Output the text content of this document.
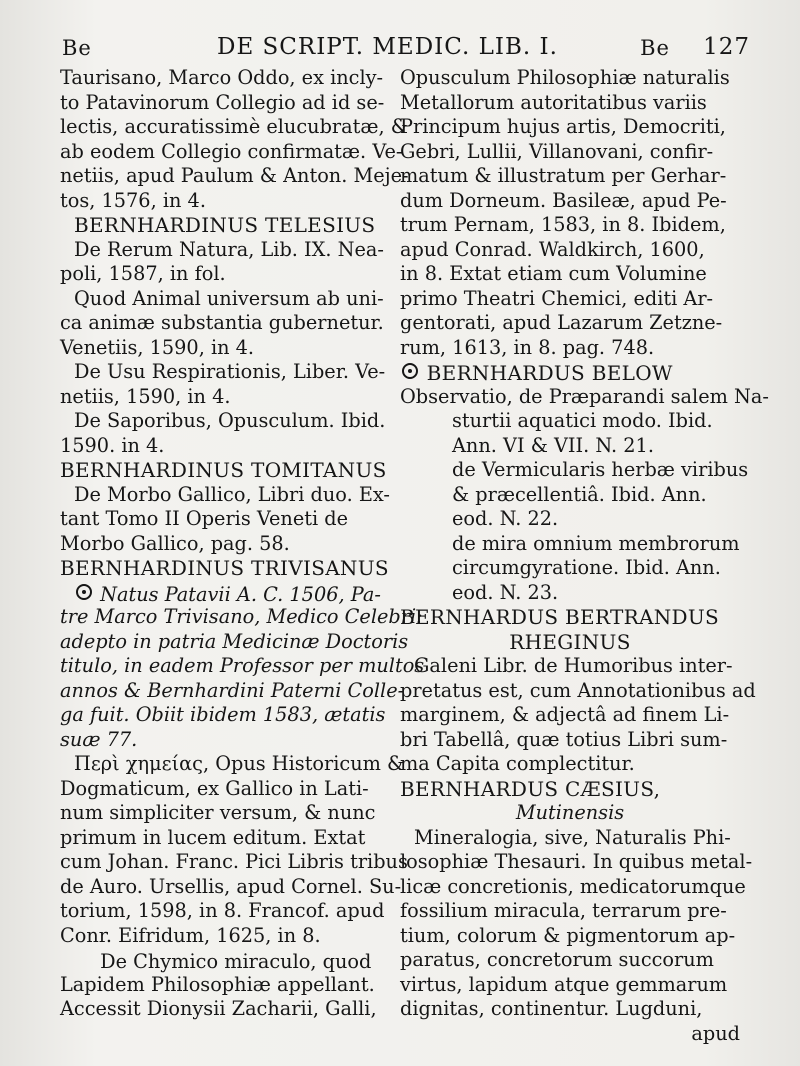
Be	DE SCRIPT. MEDIC. LIB. I.	Be 127
Taurisano, Marco Oddo, ex incly-
to Patavinorum Collegio ad id se-
lectis, accuratissimè elucubratæ, &
ab eodem Collegio confirmatæ. Ve-
netiis, apud Paulum & Anton. Meje-
tos, 1576, in 4.
BERNHARDINUS TELESIUS
De Rerum Natura, Lib. IX. Nea-
poli, 1587, in fol.
Quod Animal universum ab uni-
ca animæ substantia gubernetur.
Venetiis, 1590, in 4.
De Usu Respirationis, Liber. Ve-
netiis, 1590, in 4.
De Saporibus, Opusculum. Ibid.
1590. in 4.
BERNHARDINUS TOMITANUS
De Morbo Gallico, Libri duo. Ex-
tant Tomo II Operis Veneti de
Morbo Gallico, pag. 58.
BERNHARDINUS TRIVISANUS
Natus Patavii A. C. 1506, Pa-
tre Marco Trivisano, Medico Celebri:
adepto in patria Medicinæ Doctoris
titulo, in eadem Professor per multos
annos & Bernhardini Paterni Colle-
ga fuit. Obiit ibidem 1583, ætatis
suæ 77.
Περὶ χημείας, Opus Historicum &
Dogmaticum, ex Gallico in Lati-
num simpliciter versum, & nunc
primum in lucem editum. Extat
cum Johan. Franc. Pici Libris tribus
de Auro. Ursellis, apud Cornel. Su-
torium, 1598, in 8. Francof. apud
Conr. Eifridum, 1625, in 8.
De Chymico miraculo, quod
Lapidem Philosophiæ appellant.
Accessit Dionysii Zacharii, Galli,
Opusculum Philosophiæ naturalis
Metallorum autoritatibus variis
Principum hujus artis, Democriti,
Gebri, Lullii, Villanovani, confir-
matum & illustratum per Gerhar-
dum Dorneum. Basileæ, apud Pe-
trum Pernam, 1583, in 8. Ibidem,
apud Conrad. Waldkirch, 1600,
in 8. Extat etiam cum Volumine
primo Theatri Chemici, editi Ar-
gentorati, apud Lazarum Zetzne-
rum, 1613, in 8. pag. 748.
BERNHARDUS BELOW
Observatio, de Præparandi salem Na-
sturtii aquatici modo. Ibid.
Ann. VI & VII. N. 21.
de Vermicularis herbæ viribus
& præcellentiâ. Ibid. Ann.
eod. N. 22.
de mira omnium membrorum
circumgyratione. Ibid. Ann.
eod. N. 23.
BERNHARDUS BERTRANDUS
RHEGINUS
Galeni Libr. de Humoribus inter-
pretatus est, cum Annotationibus ad
marginem, & adjectâ ad finem Li-
bri Tabellâ, quæ totius Libri sum-
ma Capita complectitur.
BERNHARDUS CÆSIUS,
Mutinensis
Mineralogia, sive, Naturalis Phi-
losophiæ Thesauri. In quibus metal-
licæ concretionis, medicatorumque
fossilium miracula, terrarum pre-
tium, colorum & pigmentorum ap-
paratus, concretorum succorum
virtus, lapidum atque gemmarum
dignitas, continentur. Lugduni,
apud
